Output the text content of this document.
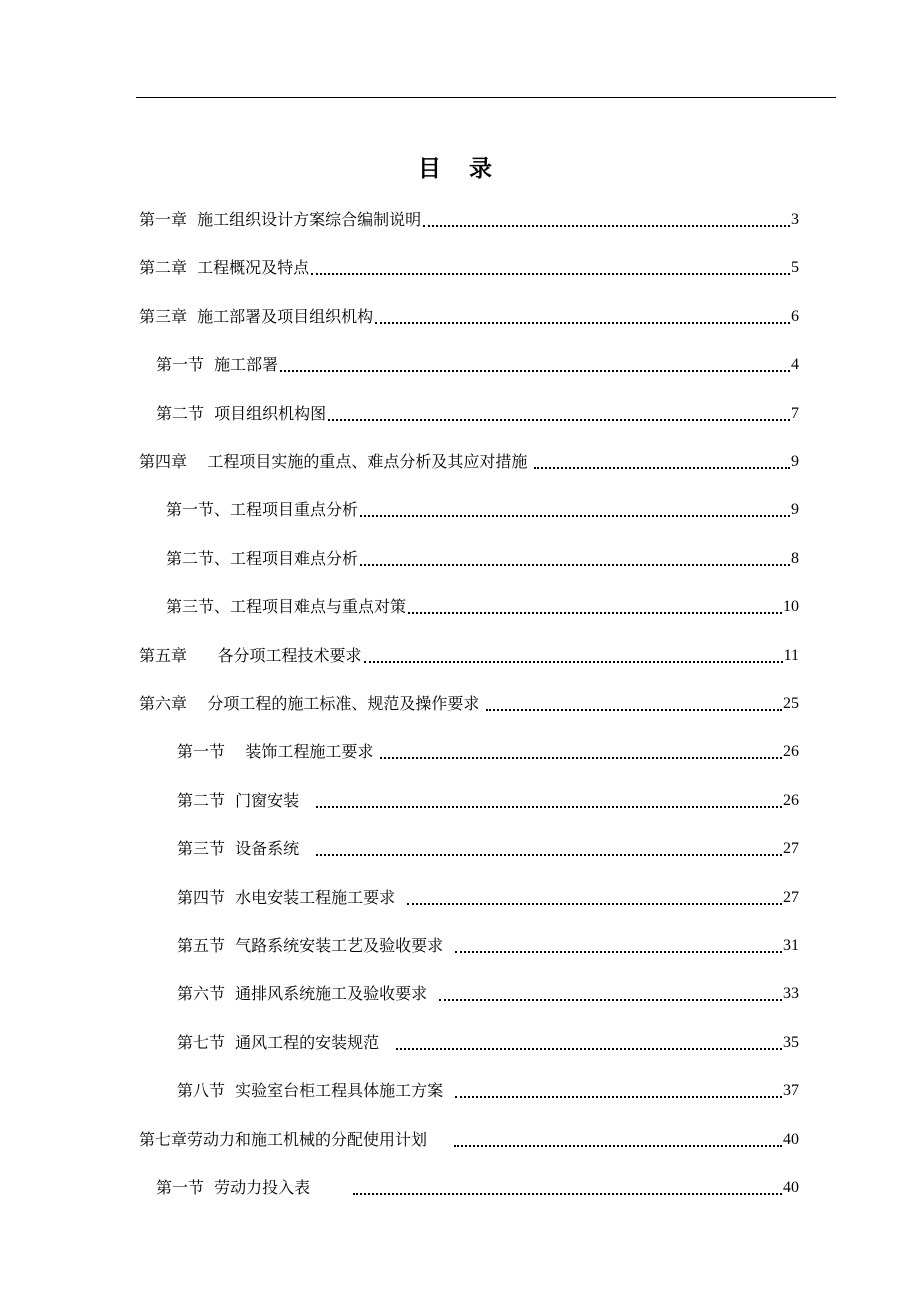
目 录
第一章  施工组织设计方案综合编制说明	3
第二章  工程概况及特点	5
第三章  施工部署及项目组织机构	6
第一节  施工部署	4
第二节  项目组织机构图	7
第四章    工程项目实施的重点、难点分析及其应对措施	9
第一节、工程项目重点分析	9
第二节、工程项目难点分析	8
第三节、工程项目难点与重点对策	10
第五章      各分项工程技术要求	11
第六章    分项工程的施工标准、规范及操作要求	25
第一节    装饰工程施工要求	26
第二节  门窗安装	26
第三节  设备系统	27
第四节  水电安装工程施工要求	27
第五节  气路系统安装工艺及验收要求	31
第六节  通排风系统施工及验收要求	33
第七节  通风工程的安装规范	35
第八节  实验室台柜工程具体施工方案	37
第七章劳动力和施工机械的分配使用计划	40
第一节  劳动力投入表	40
